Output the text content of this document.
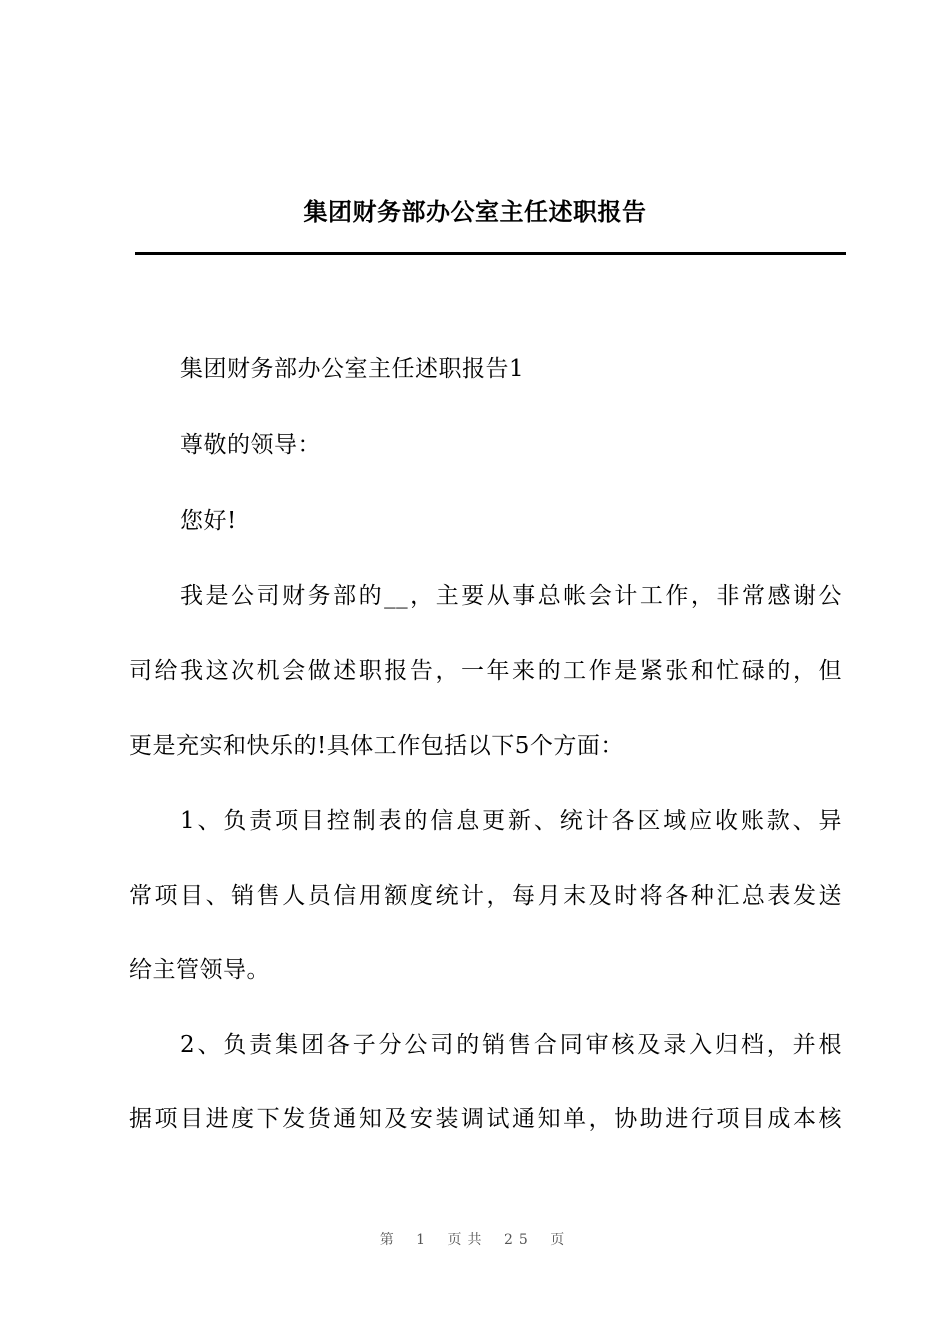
集团财务部办公室主任述职报告
集团财务部办公室主任述职报告1
尊敬的领导：
您好!
我是公司财务部的__，主要从事总帐会计工作，非常感谢公
司给我这次机会做述职报告，一年来的工作是紧张和忙碌的，但
更是充实和快乐的!具体工作包括以下5个方面：
1、负责项目控制表的信息更新、统计各区域应收账款、异
常项目、销售人员信用额度统计，每月末及时将各种汇总表发送
给主管领导。
2、负责集团各子分公司的销售合同审核及录入归档，并根
据项目进度下发货通知及安装调试通知单，协助进行项目成本核
第 1 页共 25 页
